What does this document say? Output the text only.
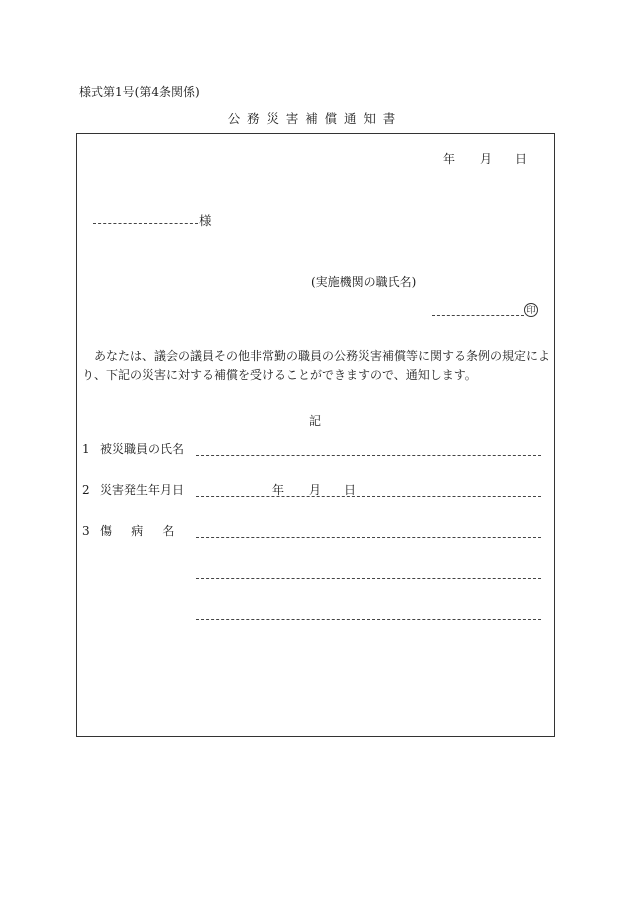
様式第1号(第4条関係)
公務災害補償通知書
年 月 日
様
(実施機関の職氏名)
印
あなたは、議会の議員その他非常勤の職員の公務災害補償等に関する条例の規定により、下記の災害に対する補償を受けることができますので、通知します。
記
1 被災職員の氏名
2 災害発生年月日	年 月 日
3 傷病名
